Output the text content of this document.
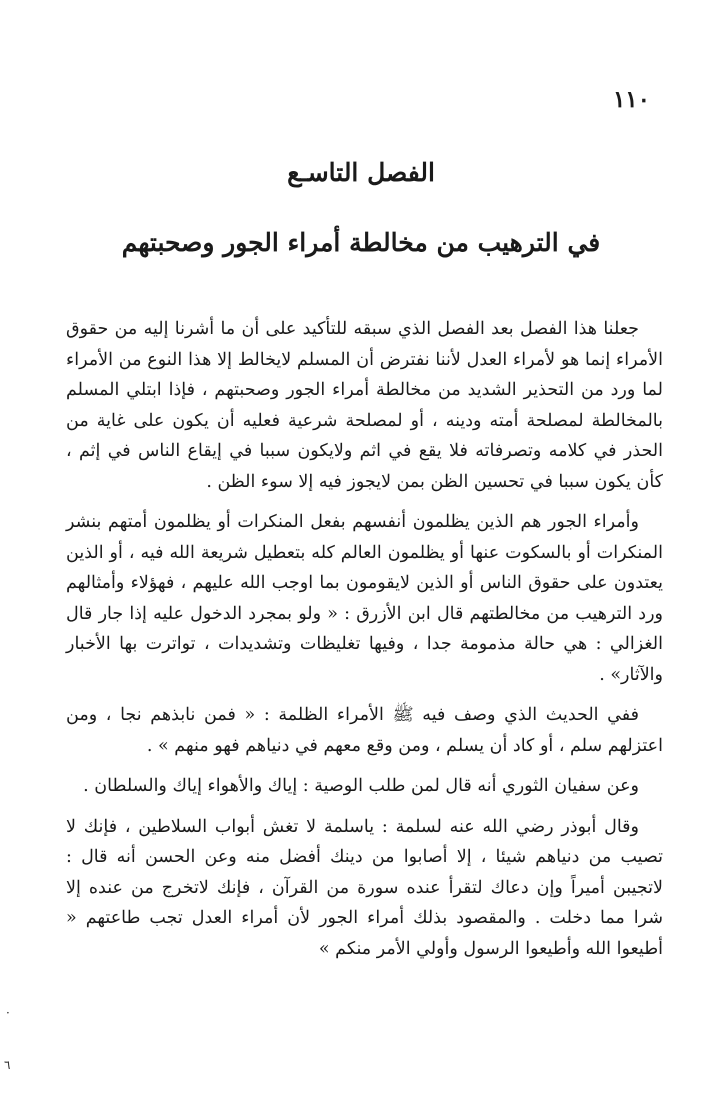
١١٠

الفصل التاسـع
في الترهيب من مخالطة أمراء الجور وصحبتهم

جعلنا هذا الفصل بعد الفصل الذي سبقه للتأكيد على أن ما أشرنا إليه من حقوق الأمراء إنما هو لأمراء العدل لأننا نفترض أن المسلم لايخالط إلا هذا النوع من الأمراء لما ورد من التحذير الشديد من مخالطة أمراء الجور وصحبتهم ، فإذا ابتلي المسلم بالمخالطة لمصلحة أمته ودينه ، أو لمصلحة شرعية فعليه أن يكون على غاية من الحذر في كلامه وتصرفاته فلا يقع في اثم ولايكون سببا في إيقاع الناس في إثم ، كأن يكون سببا في تحسين الظن بمن لايجوز فيه إلا سوء الظن .

وأمراء الجور هم الذين يظلمون أنفسهم بفعل المنكرات أو يظلمون أمتهم بنشر المنكرات أو بالسكوت عنها أو يظلمون العالم كله بتعطيل شريعة الله فيه ، أو الذين يعتدون على حقوق الناس أو الذين لايقومون بما اوجب الله عليهم ، فهؤلاء وأمثالهم ورد الترهيب من مخالطتهم قال ابن الأزرق : « ولو بمجرد الدخول عليه إذا جار قال الغزالي : هي حالة مذمومة جدا ، وفيها تغليظات وتشديدات ، تواترت بها الأخبار والآثار» .

ففي الحديث الذي وصف فيه ﷺ الأمراء الظلمة : « فمن نابذهم نجا ، ومن اعتزلهم سلم ، أو كاد أن يسلم ، ومن وقع معهم في دنياهم فهو منهم » .

وعن سفيان الثوري أنه قال لمن طلب الوصية : إياك والأهواء إياك والسلطان .

وقال أبوذر رضي الله عنه لسلمة : ياسلمة لا تغش أبواب السلاطين ، فإنك لا تصيب من دنياهم شيئا ، إلا أصابوا من دينك أفضل منه وعن الحسن أنه قال : لاتجيبن أميراً وإن دعاك لتقرأ عنده سورة من القرآن ، فإنك لاتخرج من عنده إلا شرا مما دخلت . والمقصود بذلك أمراء الجور لأن أمراء العدل تجب طاعتهم « أطيعوا الله وأطيعوا الرسول وأولي الأمر منكم »

·
٦
